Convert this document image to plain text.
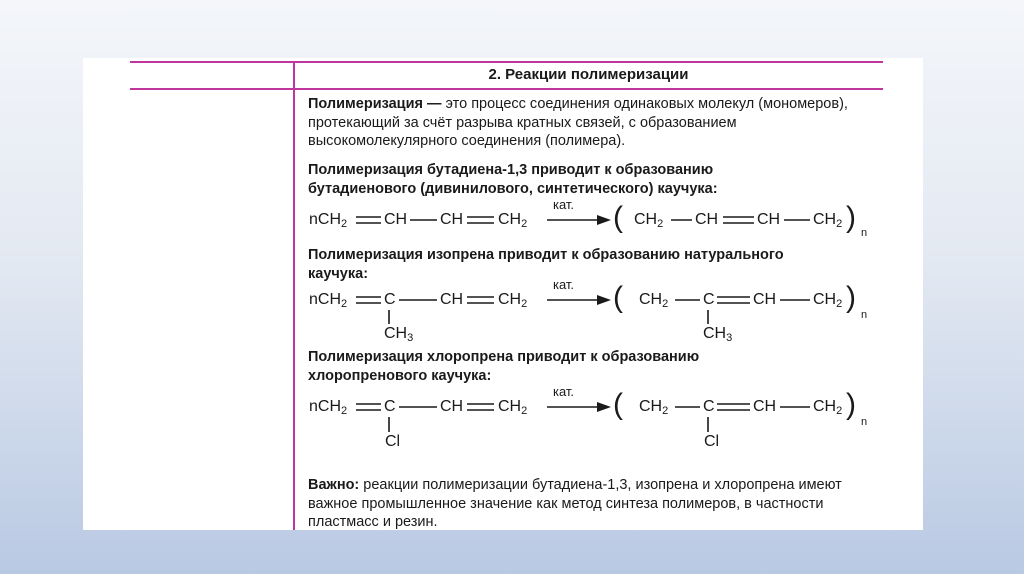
2. Реакции полимеризации
Полимеризация — это процесс соединения одинаковых молекул (мономеров), протекающий за счёт разрыва кратных связей, с образованием высокомолекулярного соединения (полимера).
Полимеризация бутадиена-1,3 приводит к образованию
бутадиенового (дивинилового, синтетического) каучука:
nCH$_2$ CH CH $CH_2$
кат. ( $CH_2$ CH CH $CH_2$ ) n
Полимеризация изопрена приводит к образованию натурального
каучука:
nCH$_2$ C	CH $CH_2$
$CH_3$
кат. ( $CH_2$ C CH $CH_2$
$CH_3$
)
n
Полимеризация хлоропрена приводит к образованию
хлоропренового каучука:
nCH$_2$ C	CH $CH_2$
Cl
кат. ( $CH_2$ C CH $CH_2$
Cl
)
n
Важно: реакции полимеризации бутадиена-1,3, изопрена и хлоропрена имеют важное промышленное значение как метод синтеза полимеров, в частности пластмасс и резин.
